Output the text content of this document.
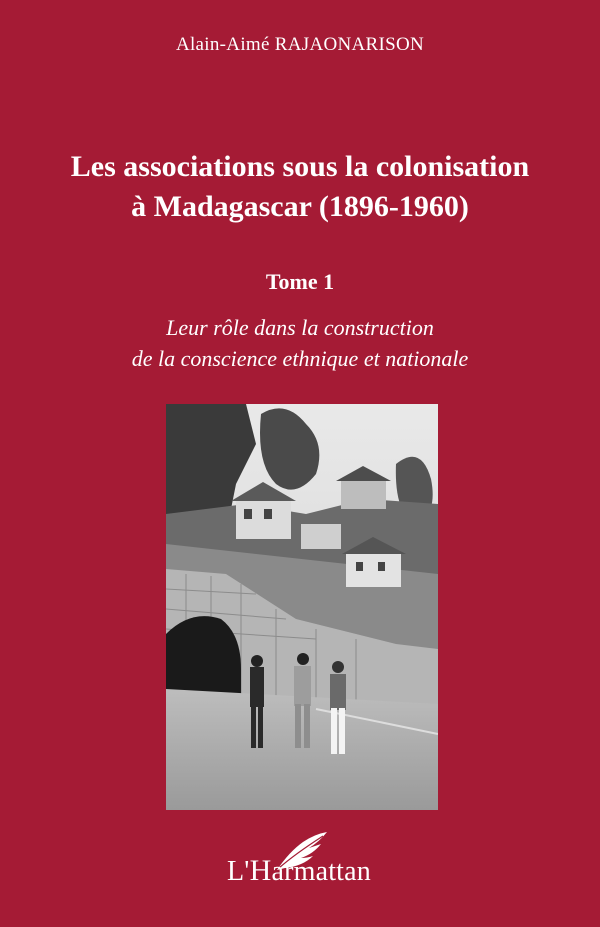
Alain-Aimé RAJAONARISON
Les associations sous la colonisation
à Madagascar (1896-1960)
Tome 1
Leur rôle dans la construction
de la conscience ethnique et nationale
L'Harmattan
